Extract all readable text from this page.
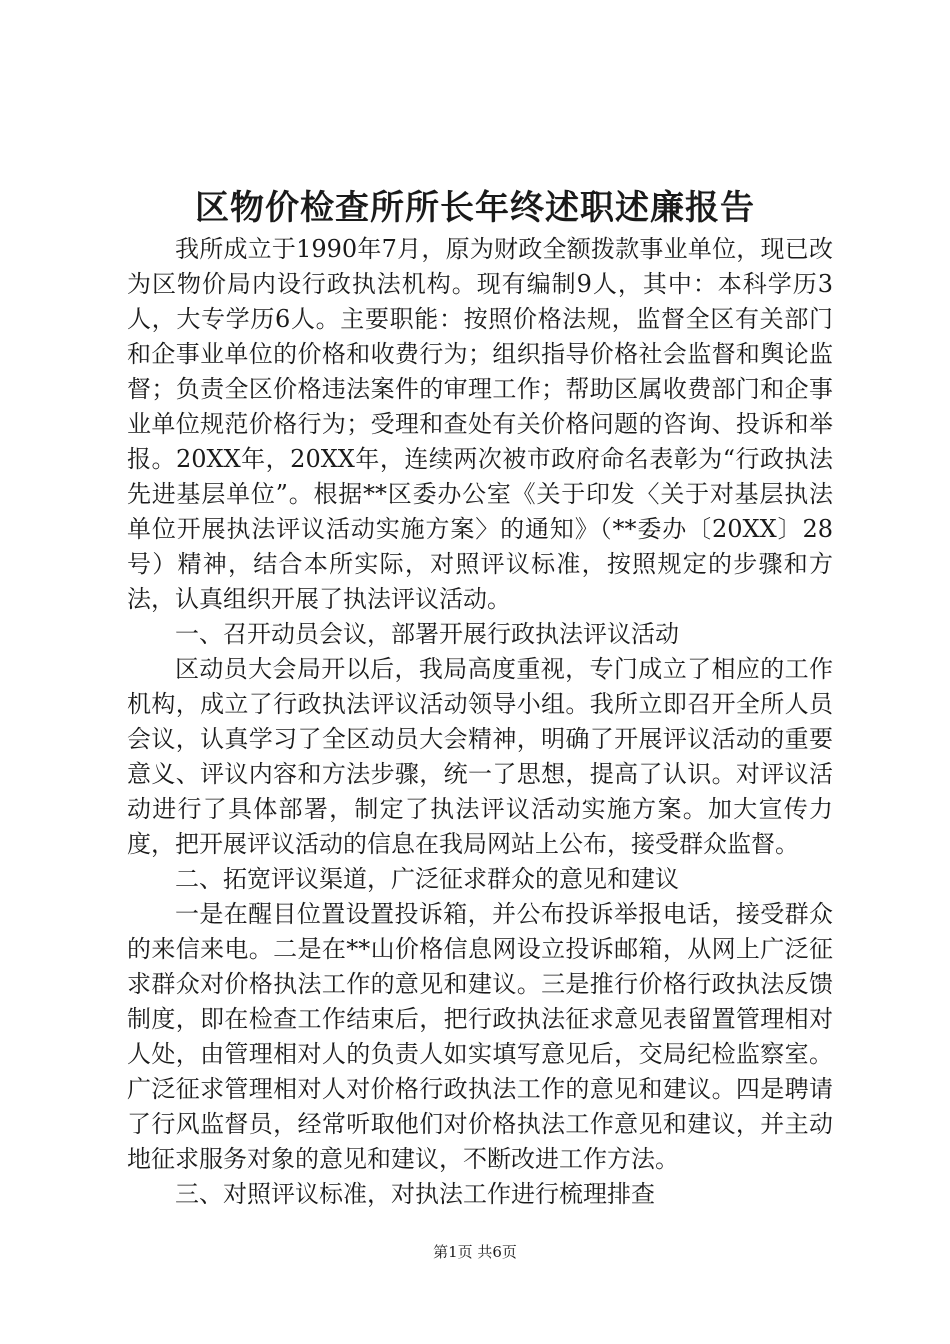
区物价检查所所长年终述职述廉报告

我所成立于1990年7月，原为财政全额拨款事业单位，现已改为区物价局内设行政执法机构。现有编制9人，其中：本科学历3人，大专学历6人。主要职能：按照价格法规，监督全区有关部门和企事业单位的价格和收费行为；组织指导价格社会监督和舆论监督；负责全区价格违法案件的审理工作；帮助区属收费部门和企事业单位规范价格行为；受理和查处有关价格问题的咨询、投诉和举报。20XX年，20XX年，连续两次被市政府命名表彰为“行政执法先进基层单位”。根据**区委办公室《关于印发〈关于对基层执法单位开展执法评议活动实施方案〉的通知》（**委办〔20XX〕28号）精神，结合本所实际，对照评议标准，按照规定的步骤和方法，认真组织开展了执法评议活动。

一、召开动员会议，部署开展行政执法评议活动

区动员大会局开以后，我局高度重视，专门成立了相应的工作机构，成立了行政执法评议活动领导小组。我所立即召开全所人员会议，认真学习了全区动员大会精神，明确了开展评议活动的重要意义、评议内容和方法步骤，统一了思想，提高了认识。对评议活动进行了具体部署，制定了执法评议活动实施方案。加大宣传力度，把开展评议活动的信息在我局网站上公布，接受群众监督。

二、拓宽评议渠道，广泛征求群众的意见和建议

一是在醒目位置设置投诉箱，并公布投诉举报电话，接受群众的来信来电。二是在**山价格信息网设立投诉邮箱，从网上广泛征求群众对价格执法工作的意见和建议。三是推行价格行政执法反馈制度，即在检查工作结束后，把行政执法征求意见表留置管理相对人处，由管理相对人的负责人如实填写意见后，交局纪检监察室。广泛征求管理相对人对价格行政执法工作的意见和建议。四是聘请了行风监督员，经常听取他们对价格执法工作意见和建议，并主动地征求服务对象的意见和建议，不断改进工作方法。

三、对照评议标准，对执法工作进行梳理排查

第1页 共6页
